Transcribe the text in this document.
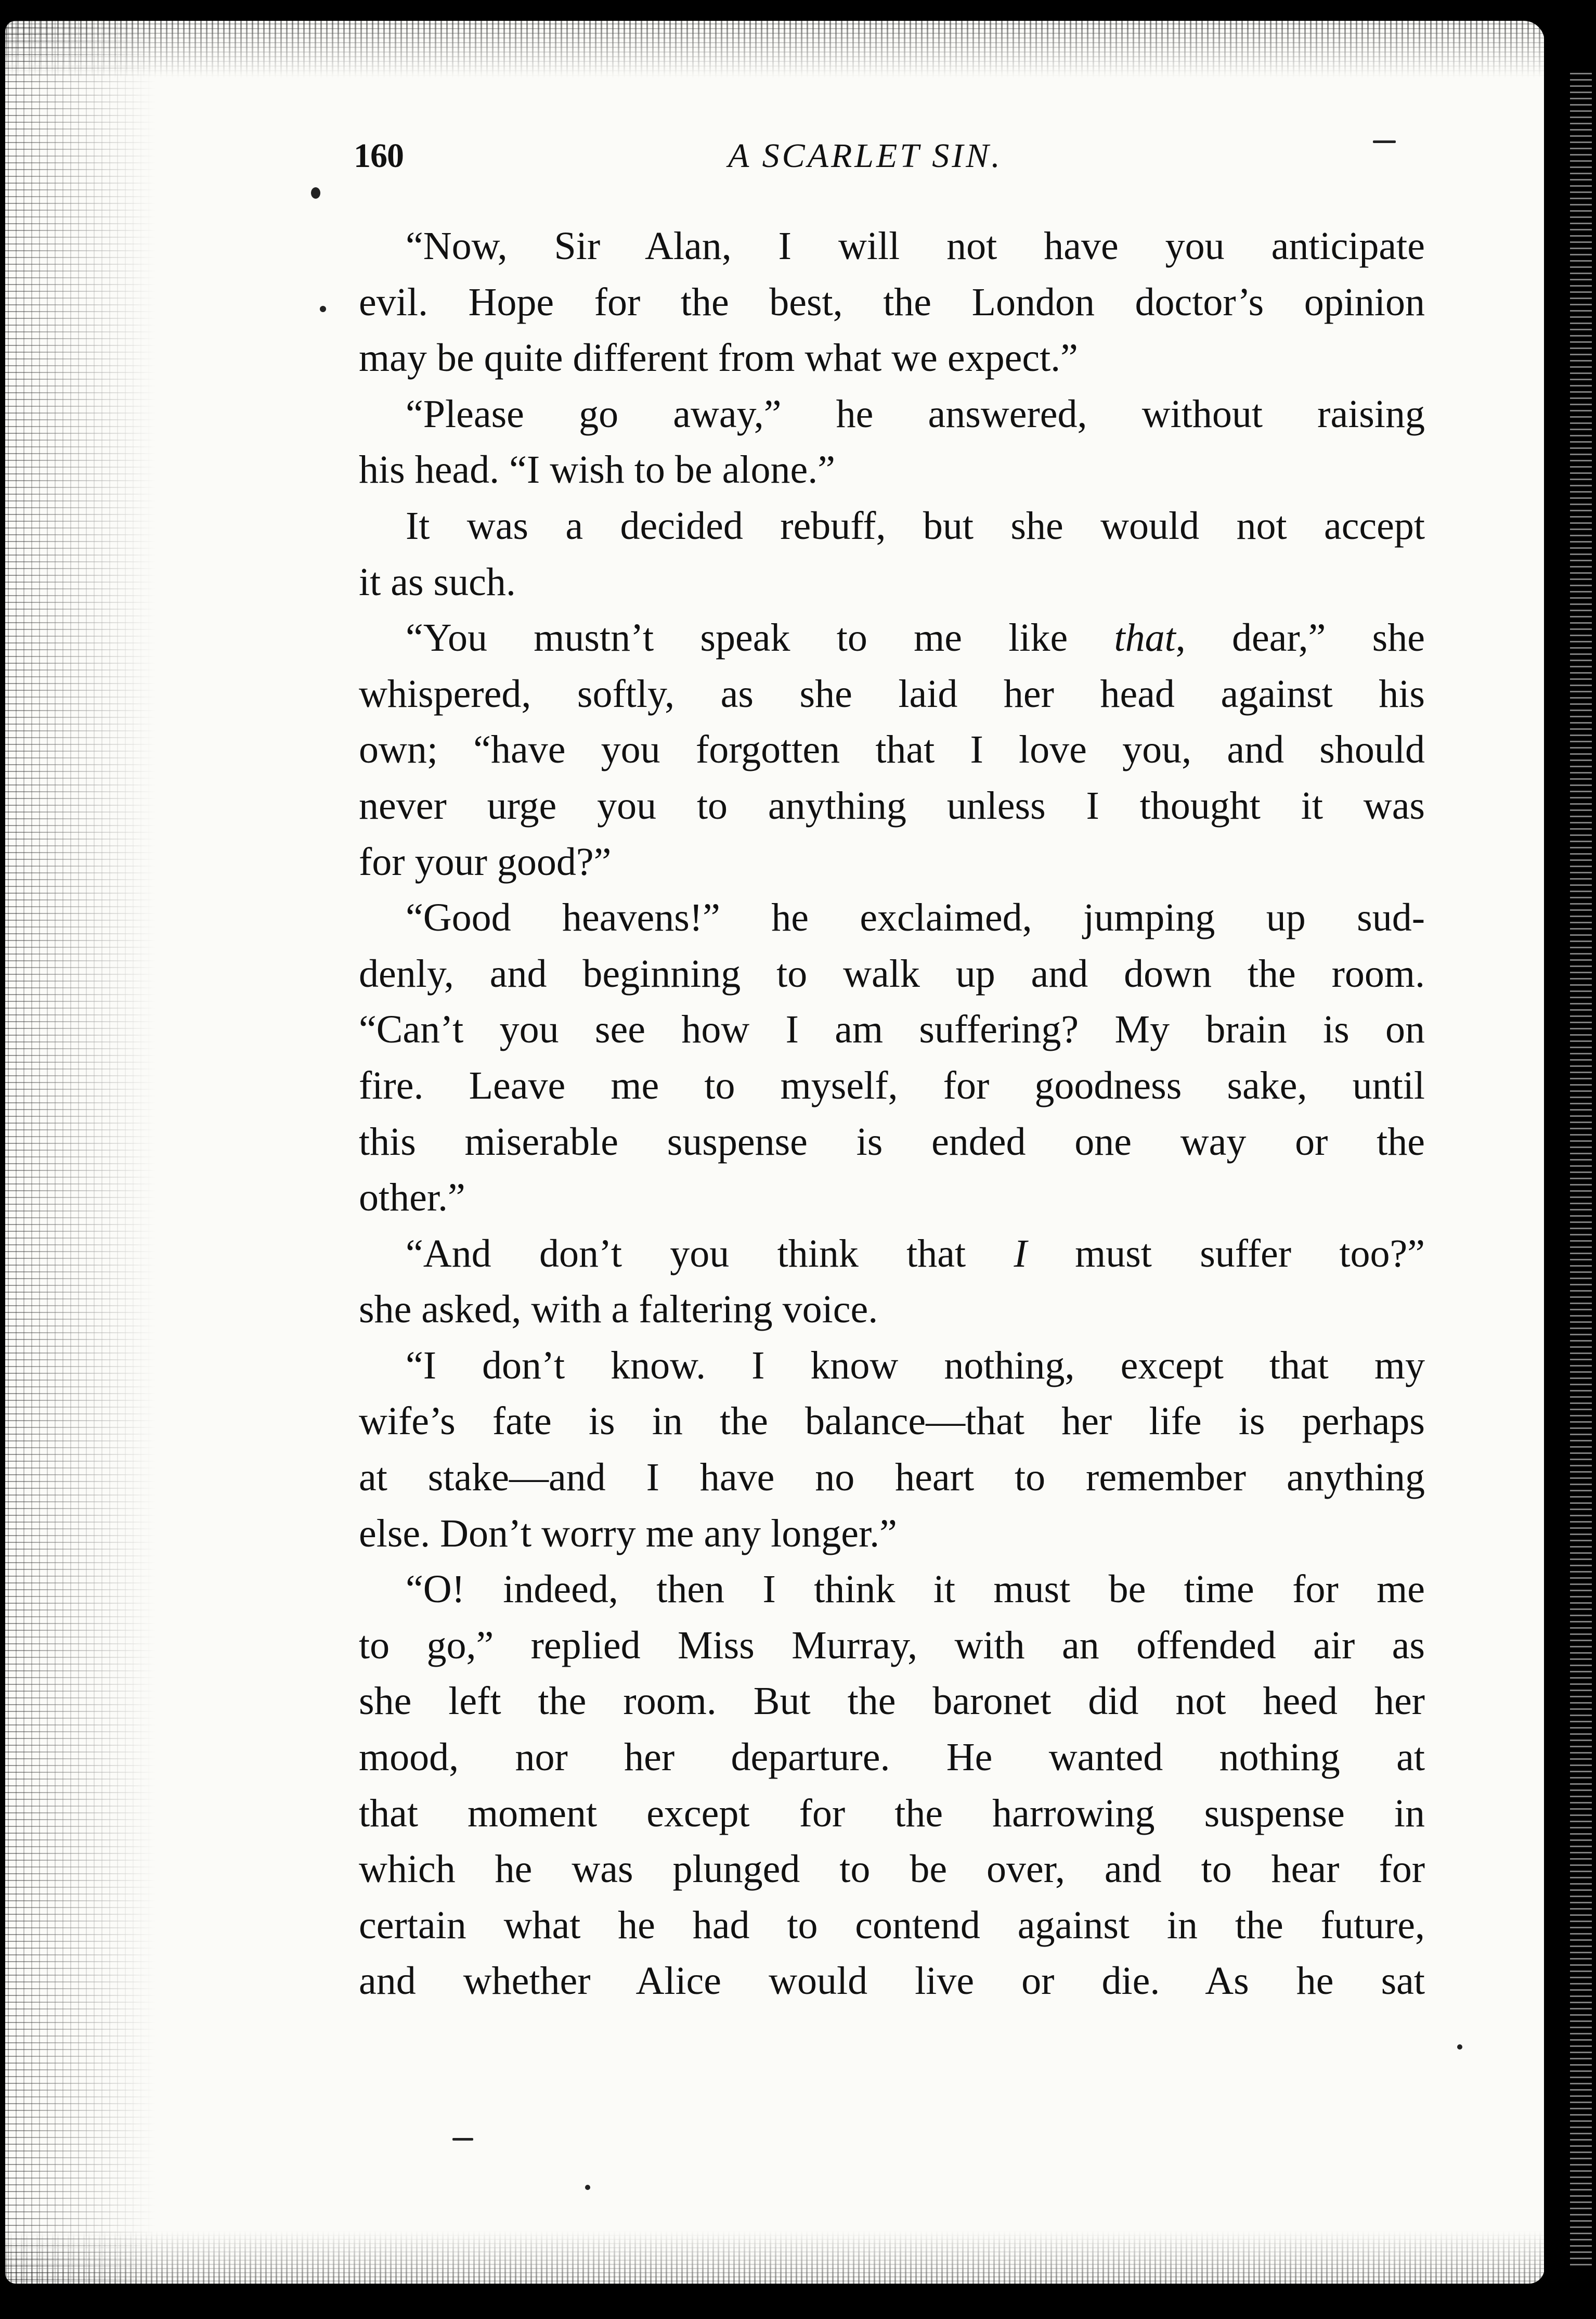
160	A SCARLET SIN.
“Now, Sir Alan, I will not have you anticipate
evil. Hope for the best, the London doctor’s opinion
may be quite different from what we expect.”
“Please go away,” he answered, without raising
his head. “I wish to be alone.”
It was a decided rebuff, but she would not accept
it as such.
“You mustn’t speak to me like that, dear,” she
whispered, softly, as she laid her head against his
own; “have you forgotten that I love you, and should
never urge you to anything unless I thought it was
for your good?”
“Good heavens!” he exclaimed, jumping up sud-
denly, and beginning to walk up and down the room.
“Can’t you see how I am suffering? My brain is on
fire. Leave me to myself, for goodness sake, until
this miserable suspense is ended one way or the
other.”
“And don’t you think that I must suffer too?”
she asked, with a faltering voice.
“I don’t know. I know nothing, except that my
wife’s fate is in the balance—that her life is perhaps
at stake—and I have no heart to remember anything
else. Don’t worry me any longer.”
“O! indeed, then I think it must be time for me
to go,” replied Miss Murray, with an offended air as
she left the room. But the baronet did not heed her
mood, nor her departure. He wanted nothing at
that moment except for the harrowing suspense in
which he was plunged to be over, and to hear for
certain what he had to contend against in the future,
and whether Alice would live or die. As he sat
